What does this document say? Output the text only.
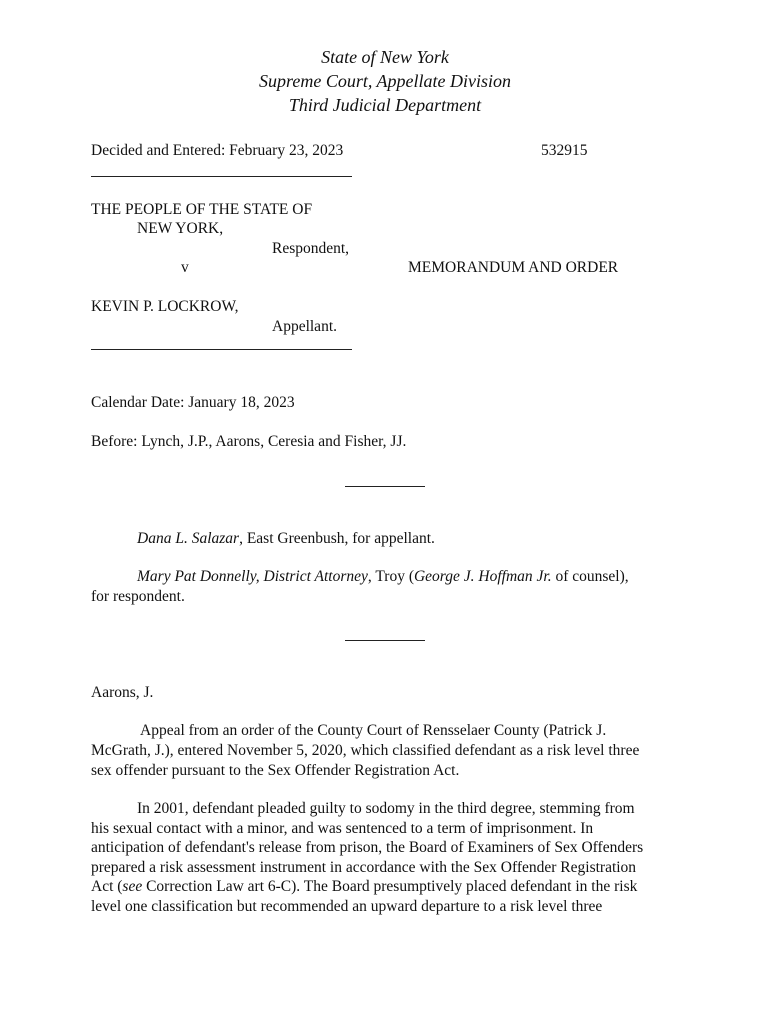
State of New York
Supreme Court, Appellate Division
Third Judicial Department
Decided and Entered: February 23, 2023	532915
THE PEOPLE OF THE STATE OF
NEW YORK,
Respondent,
v	MEMORANDUM AND ORDER
KEVIN P. LOCKROW,
Appellant.
Calendar Date: January 18, 2023
Before: Lynch, J.P., Aarons, Ceresia and Fisher, JJ.
Dana L. Salazar, East Greenbush, for appellant.
Mary Pat Donnelly, District Attorney, Troy (George J. Hoffman Jr. of counsel),
for respondent.
Aarons, J.
Appeal from an order of the County Court of Rensselaer County (Patrick J.
McGrath, J.), entered November 5, 2020, which classified defendant as a risk level three
sex offender pursuant to the Sex Offender Registration Act.
In 2001, defendant pleaded guilty to sodomy in the third degree, stemming from
his sexual contact with a minor, and was sentenced to a term of imprisonment. In
anticipation of defendant's release from prison, the Board of Examiners of Sex Offenders
prepared a risk assessment instrument in accordance with the Sex Offender Registration
Act (see Correction Law art 6-C). The Board presumptively placed defendant in the risk
level one classification but recommended an upward departure to a risk level three
